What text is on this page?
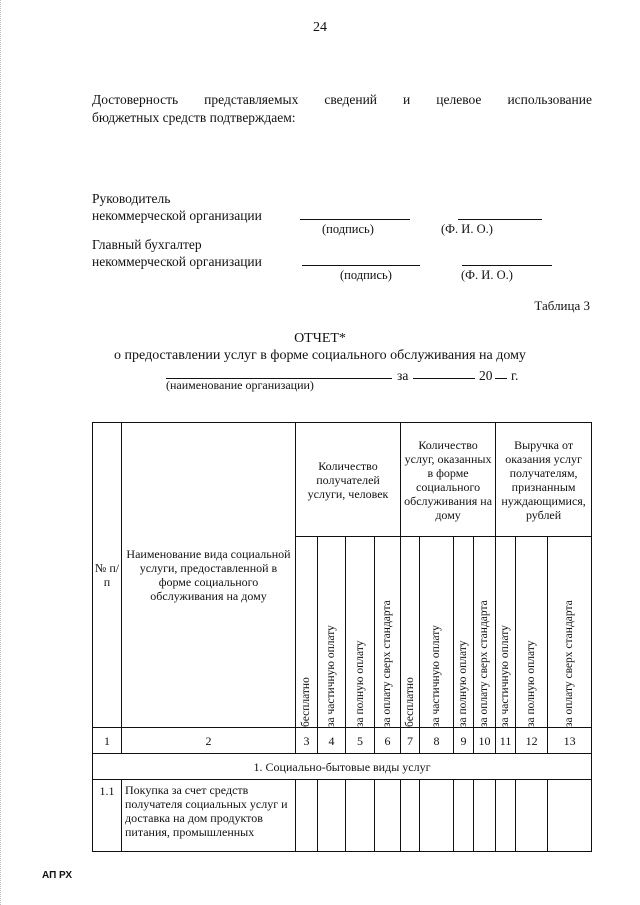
24
Достоверность представляемых сведений и целевое использование
бюджетных средств подтверждаем:
Руководитель
некоммерческой организации
(подпись)	(Ф. И. О.)
Главный бухгалтер
некоммерческой организации
(подпись)	(Ф. И. О.)
Таблица 3
ОТЧЕТ*
о предоставлении услуг в форме социального обслуживания на дому
за	20 г.
(наименование организации)
№ п/п	Наименование вида социальной услуги, предоставленной в форме социального обслуживания на дому	Количество получателей услуги, человек				Количество услуг, оказанных в форме социального обслуживания на дому				Выручка от оказания услуг получателям, признанным нуждающимися, рублей		

		бесплатно	за частичную оплату	за полную оплату	за оплату сверх стандарта	бесплатно	за частичную оплату	за полную оплату	за оплату сверх стандарта	за частичную оплату	за полную оплату	за оплату сверх стандарта

1	2	3	4	5	6	7	8	9	10	11	12	13
1. Социально-бытовые виды услуг												
1.1	Покупка за счет средств получателя социальных услуг и доставка на дом продуктов питания, промышленных											
АП РХ
